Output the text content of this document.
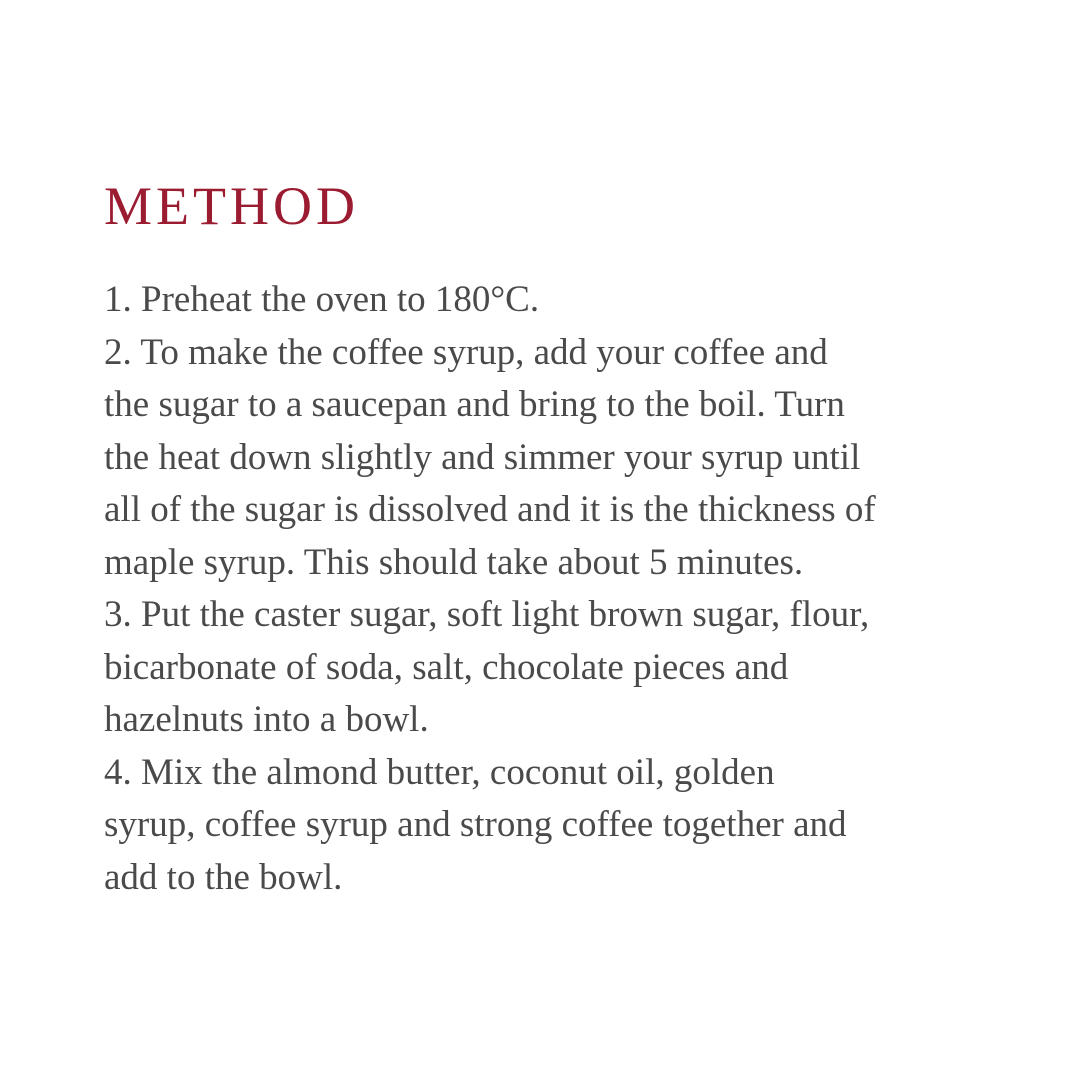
METHOD
1. Preheat the oven to 180°C.
2. To make the coffee syrup, add your coffee and
the sugar to a saucepan and bring to the boil. Turn
the heat down slightly and simmer your syrup until
all of the sugar is dissolved and it is the thickness of
maple syrup. This should take about 5 minutes.
3. Put the caster sugar, soft light brown sugar, flour,
bicarbonate of soda, salt, chocolate pieces and
hazelnuts into a bowl.
4. Mix the almond butter, coconut oil, golden
syrup, coffee syrup and strong coffee together and
add to the bowl.
